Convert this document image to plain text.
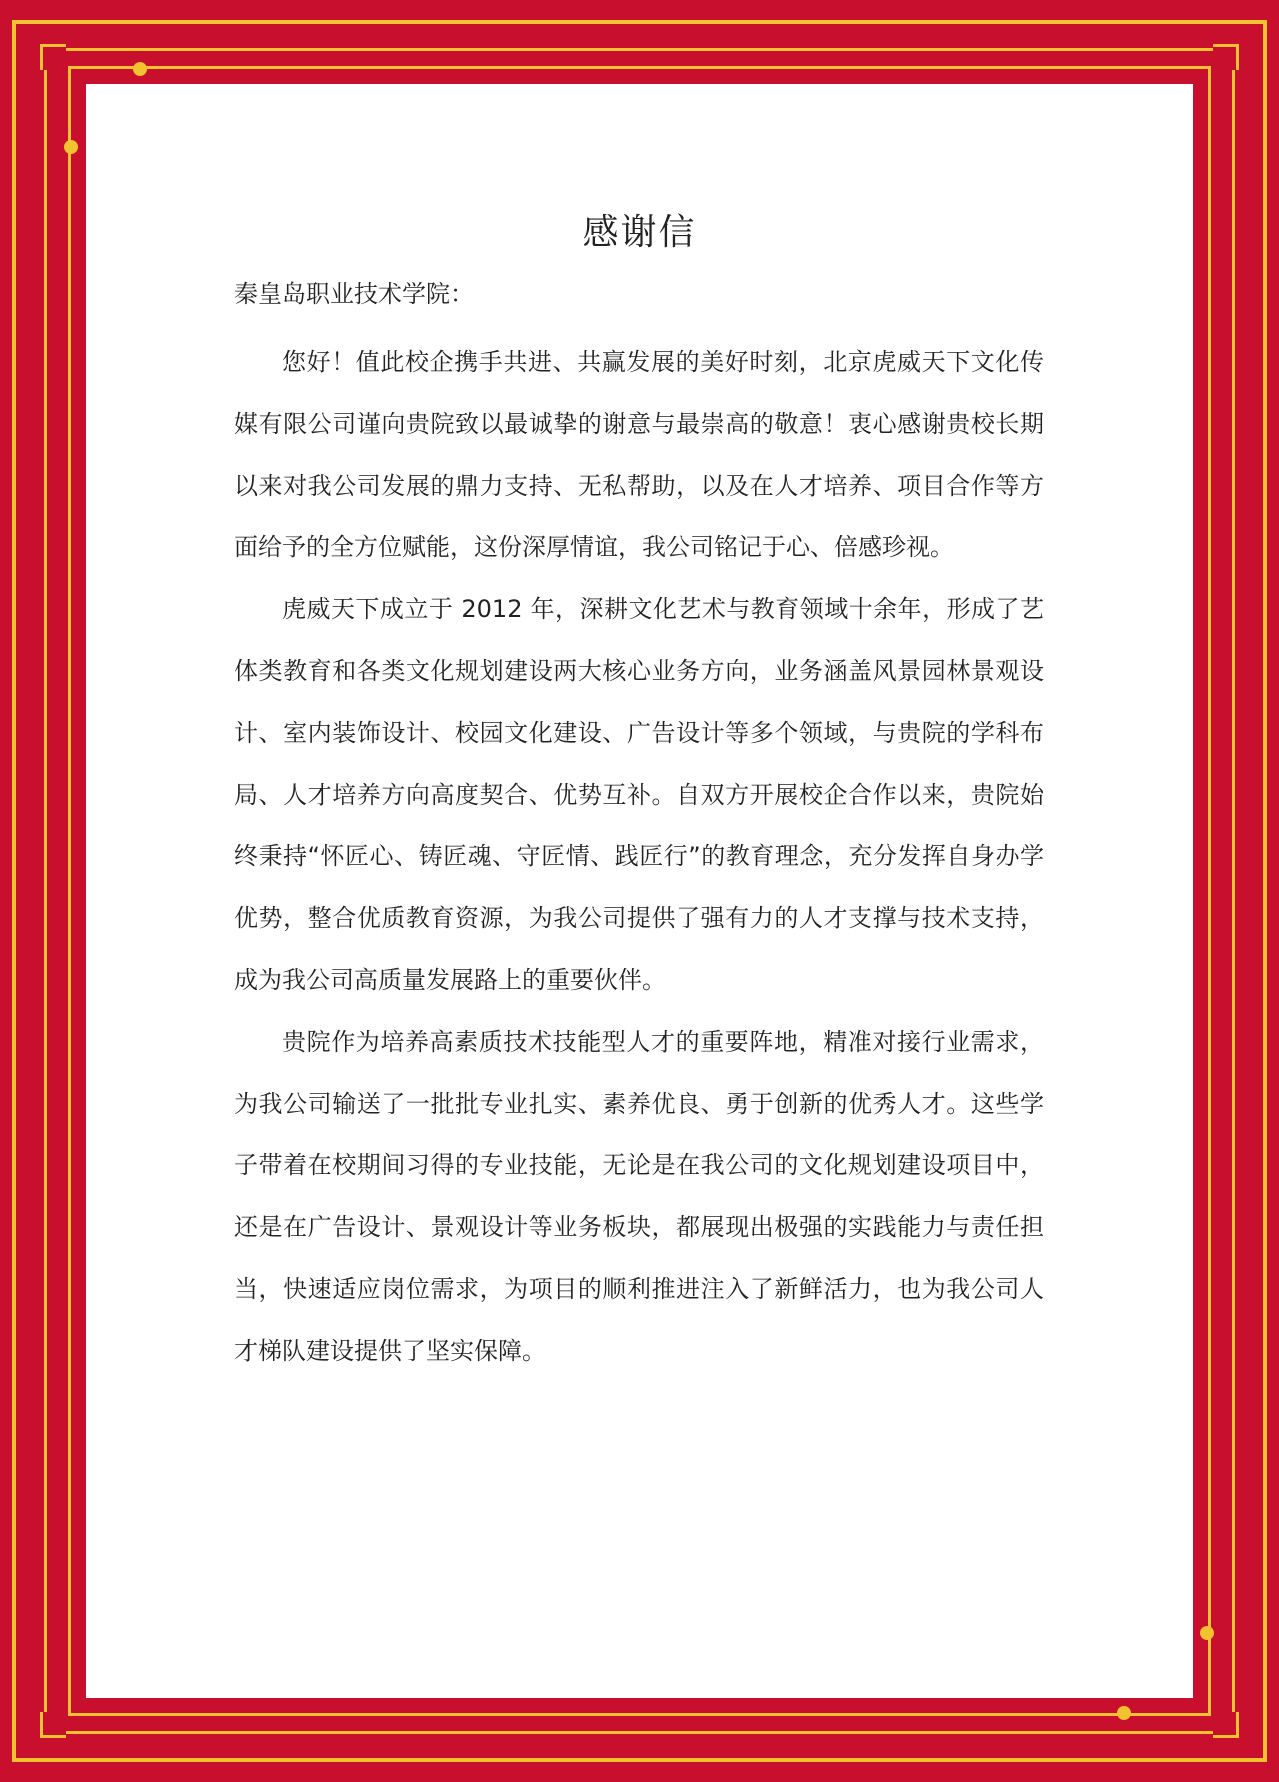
感谢信
秦皇岛职业技术学院：

您好！值此校企携手共进、共赢发展的美好时刻，北京虎威天下文化传媒有限公司谨向贵院致以最诚挚的谢意与最崇高的敬意！衷心感谢贵校长期以来对我公司发展的鼎力支持、无私帮助，以及在人才培养、项目合作等方面给予的全方位赋能，这份深厚情谊，我公司铭记于心、倍感珍视。

虎威天下成立于 2012 年，深耕文化艺术与教育领域十余年，形成了艺体类教育和各类文化规划建设两大核心业务方向，业务涵盖风景园林景观设计、室内装饰设计、校园文化建设、广告设计等多个领域，与贵院的学科布局、人才培养方向高度契合、优势互补。自双方开展校企合作以来，贵院始终秉持“怀匠心、铸匠魂、守匠情、践匠行”的教育理念，充分发挥自身办学优势，整合优质教育资源，为我公司提供了强有力的人才支撑与技术支持，成为我公司高质量发展路上的重要伙伴。

贵院作为培养高素质技术技能型人才的重要阵地，精准对接行业需求，为我公司输送了一批批专业扎实、素养优良、勇于创新的优秀人才。这些学子带着在校期间习得的专业技能，无论是在我公司的文化规划建设项目中，还是在广告设计、景观设计等业务板块，都展现出极强的实践能力与责任担当，快速适应岗位需求，为项目的顺利推进注入了新鲜活力，也为我公司人才梯队建设提供了坚实保障。
